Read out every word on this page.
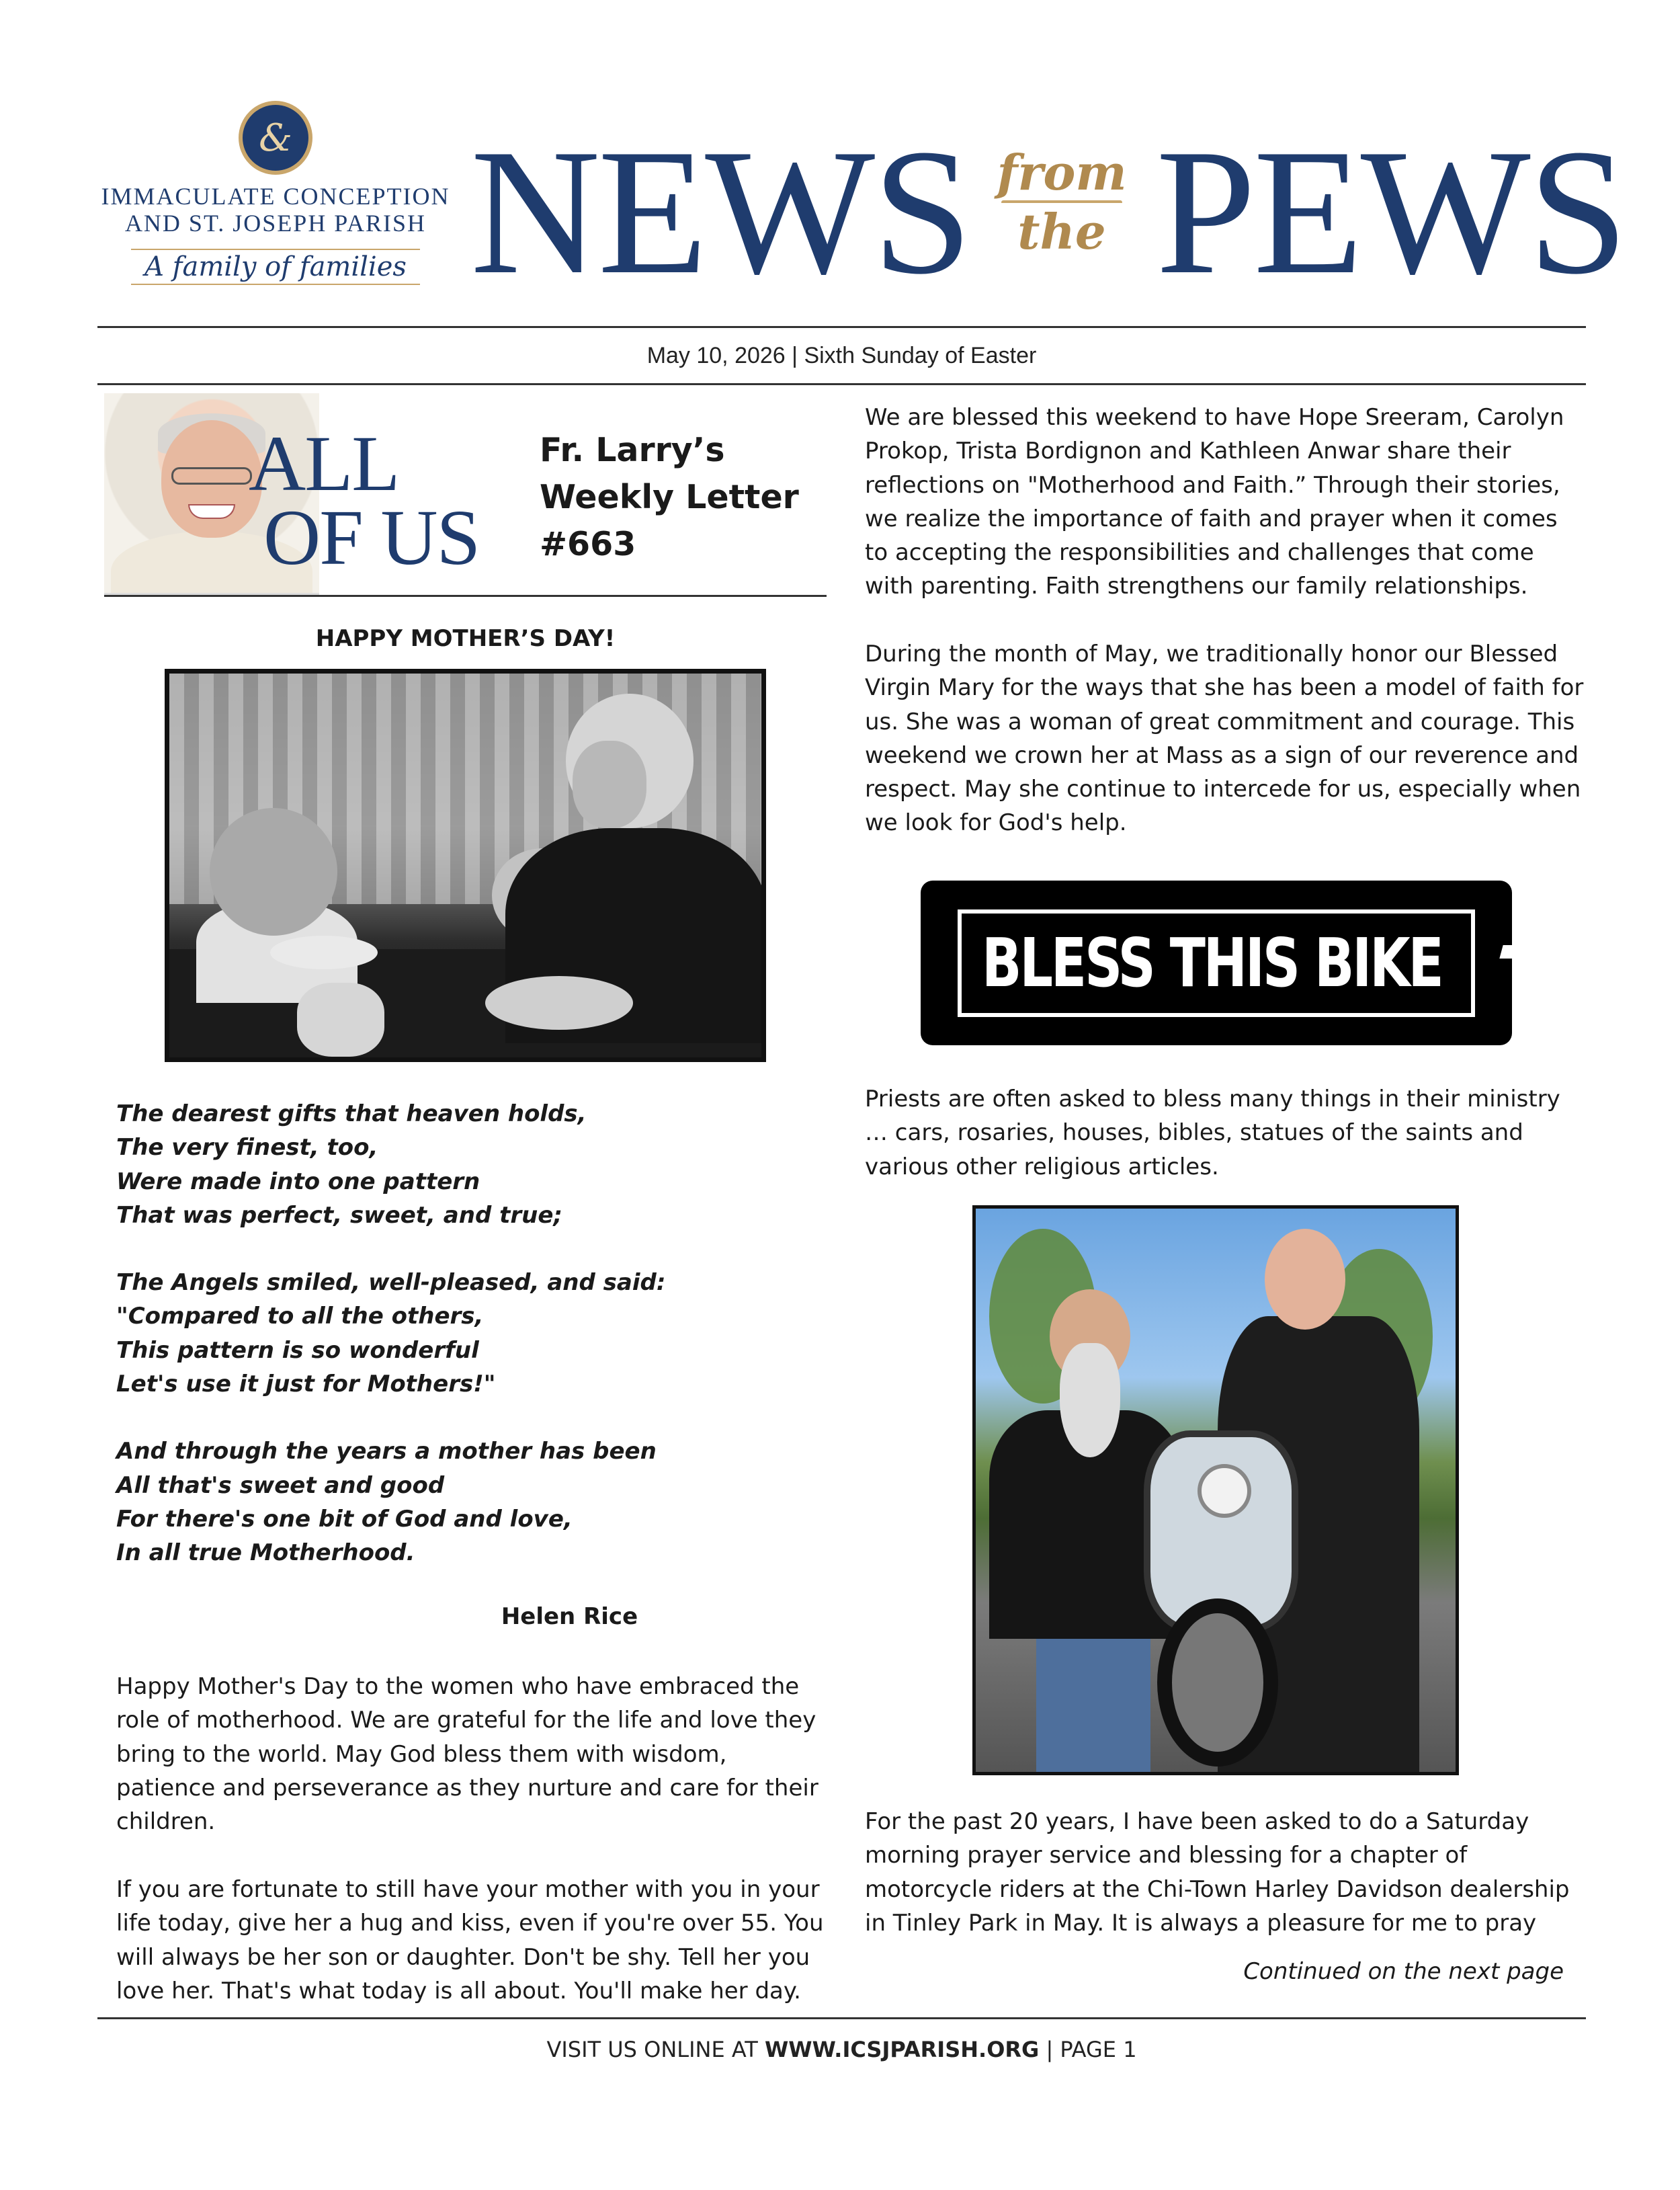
&
IMMACULATE CONCEPTION
AND ST. JOSEPH PARISH
A family of families NEWS from
the PEWS
May 10, 2026 | Sixth Sunday of Easter
ALL
OF US
Fr. Larry’s
Weekly Letter
#663
HAPPY MOTHER’S DAY!

The dearest gifts that heaven holds,
The very finest, too,
Were made into one pattern
That was perfect, sweet, and true;

The Angels smiled, well-pleased, and said:
"Compared to all the others,
This pattern is so wonderful
Let's use it just for Mothers!"

And through the years a mother has been
All that's sweet and good
For there's one bit of God and love,
In all true Motherhood.

Helen Rice

Happy Mother's Day to the women who have embraced the role of motherhood. We are grateful for the life and love they bring to the world. May God bless them with wisdom, patience and perseverance as they nurture and care for their children.

If you are fortunate to still have your mother with you in your life today, give her a hug and kiss, even if you're over 55. You will always be her son or daughter. Don't be shy. Tell her you love her. That's what today is all about. You'll make her day.

We are blessed this weekend to have Hope Sreeram, Carolyn Prokop, Trista Bordignon and Kathleen Anwar share their reflections on "Motherhood and Faith.” Through their stories, we realize the importance of faith and prayer when it comes to accepting the responsibilities and challenges that come with parenting. Faith strengthens our family relationships.

During the month of May, we traditionally honor our Blessed Virgin Mary for the ways that she has been a model of faith for us. She was a woman of great commitment and courage. This weekend we crown her at Mass as a sign of our reverence and respect. May she continue to intercede for us, especially when we look for God's help.

BLESS THIS BIKE

Priests are often asked to bless many things in their ministry … cars, rosaries, houses, bibles, statues of the saints and various other religious articles.

For the past 20 years, I have been asked to do a Saturday morning prayer service and blessing for a chapter of motorcycle riders at the Chi-Town Harley Davidson dealership in Tinley Park in May. It is always a pleasure for me to pray

Continued on the next page
VISIT US ONLINE AT WWW.ICSJPARISH.ORG | PAGE 1
